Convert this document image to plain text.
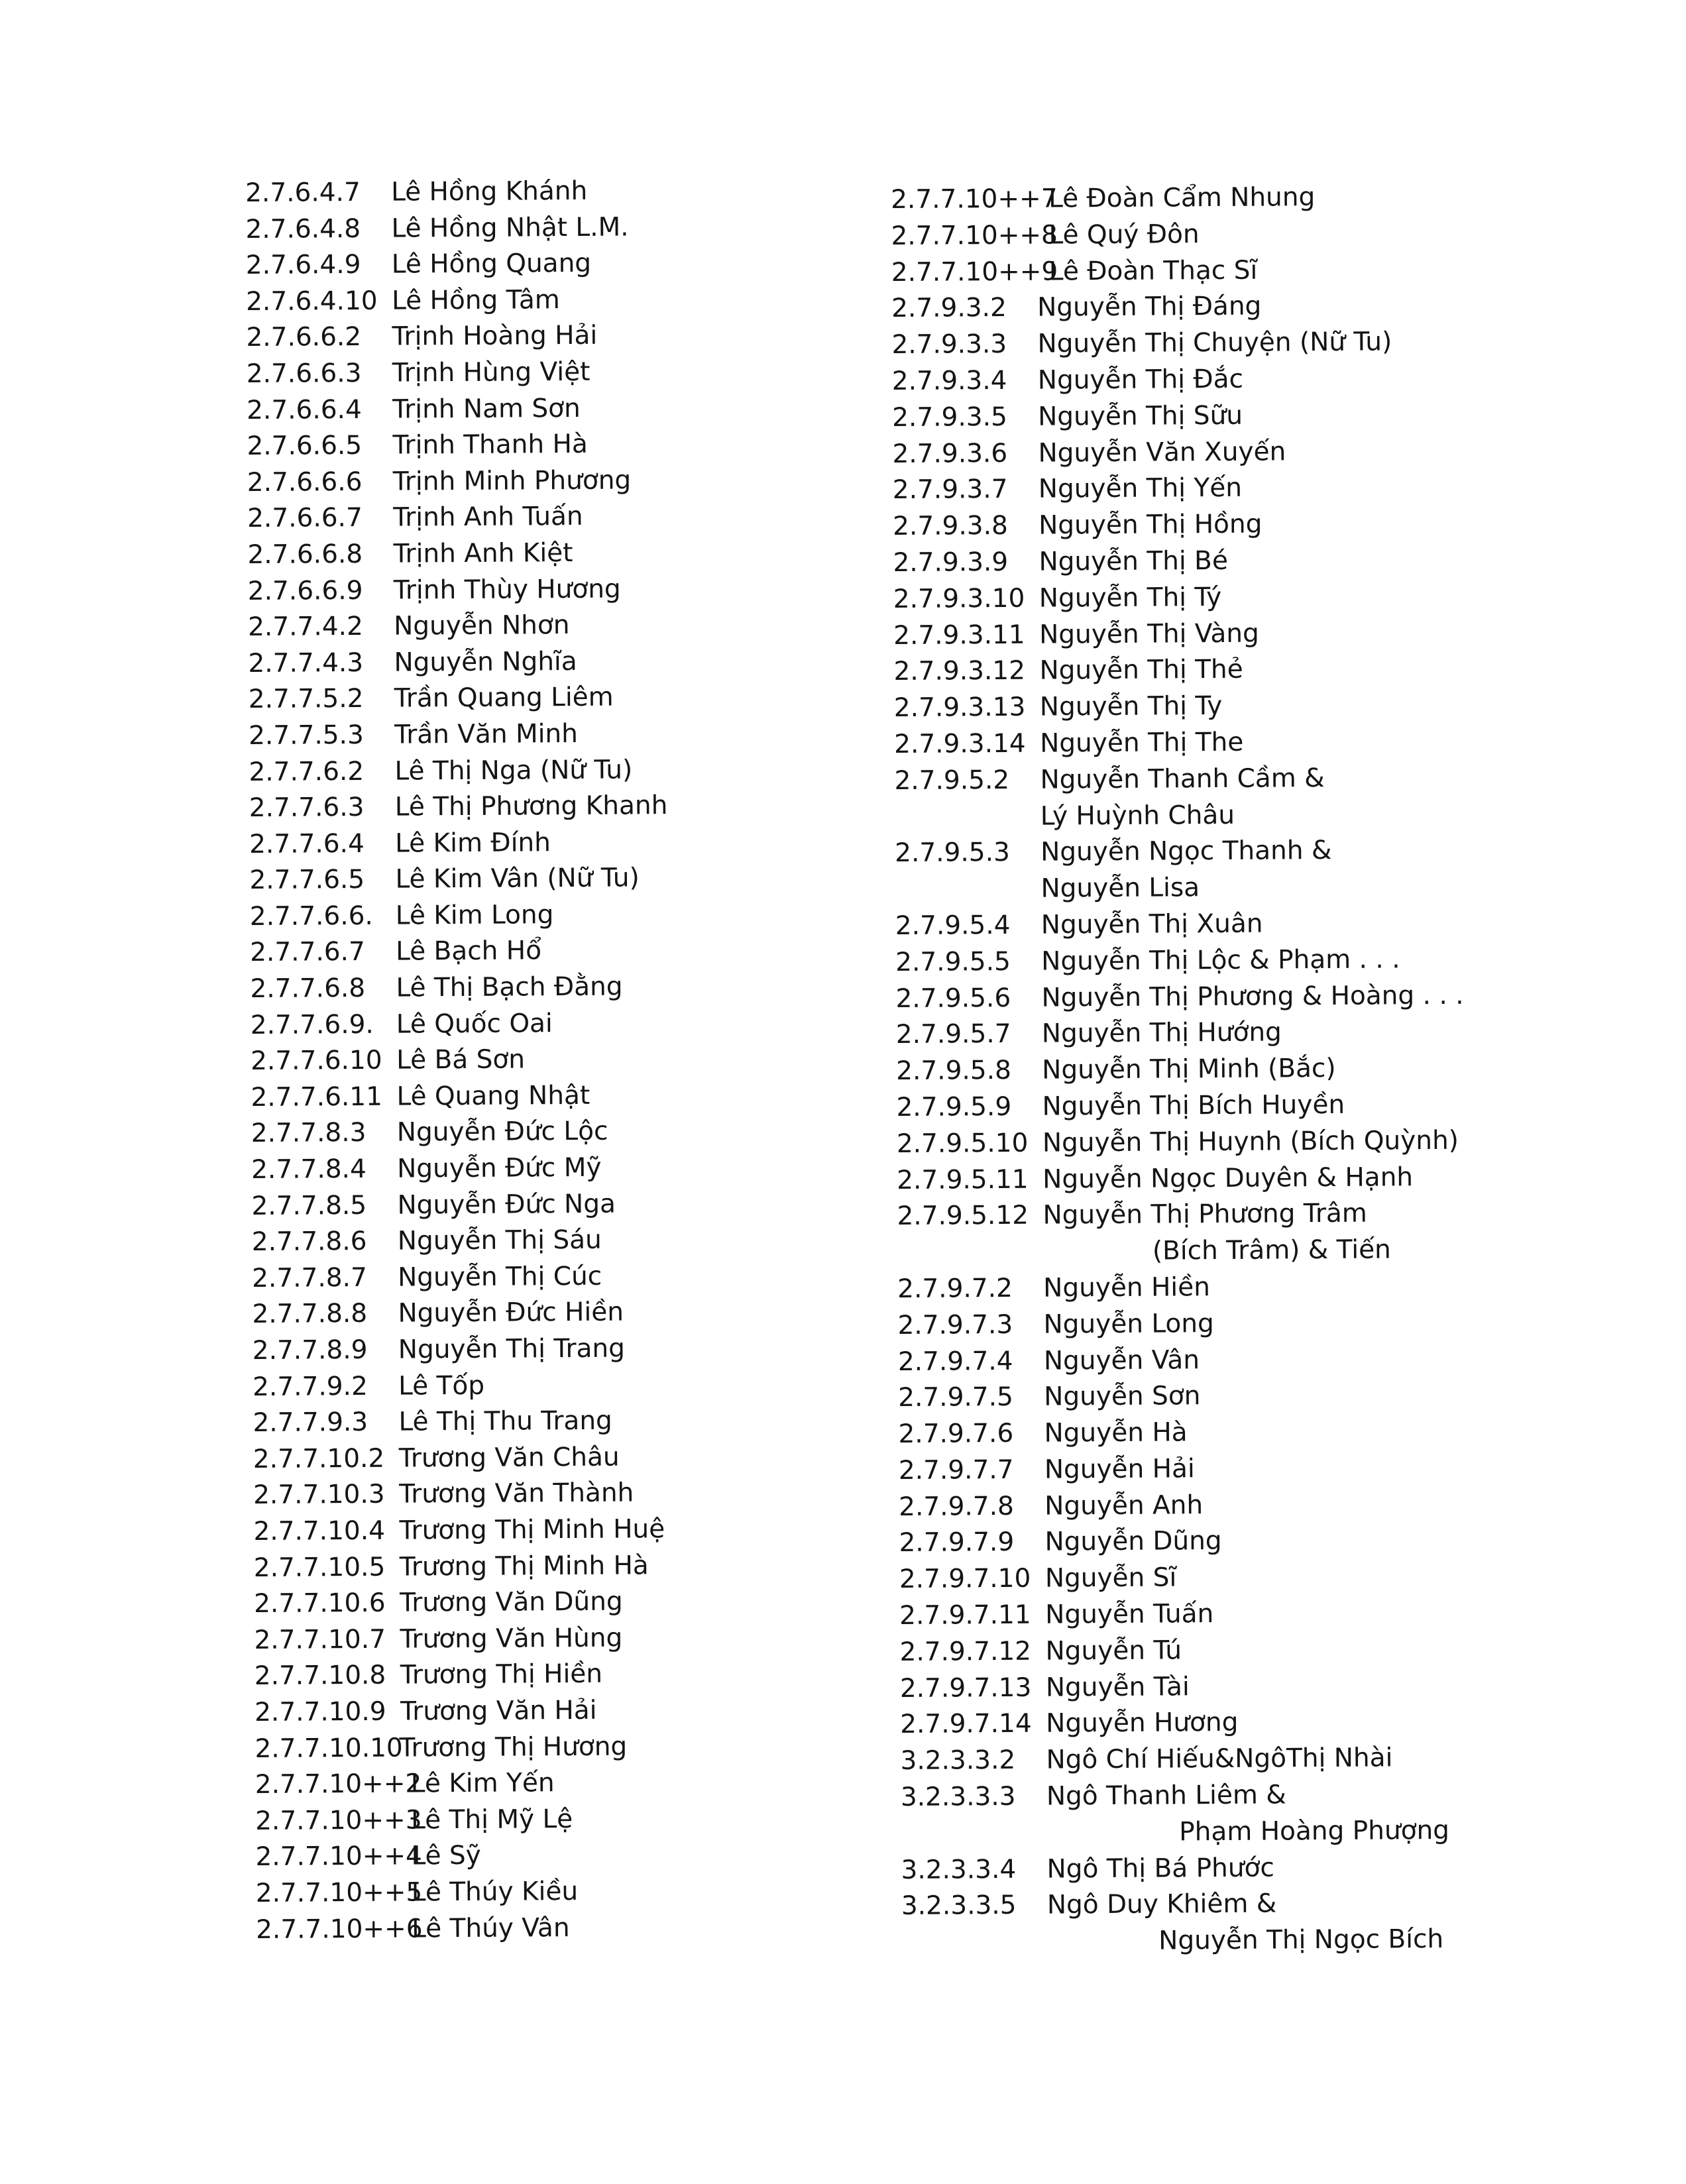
2.7.6.4.7 Lê Hồng Khánh
2.7.6.4.8 Lê Hồng Nhật L.M.
2.7.6.4.9 Lê Hồng Quang
2.7.6.4.10 Lê Hồng Tâm
2.7.6.6.2 Trịnh Hoàng Hải
2.7.6.6.3 Trịnh Hùng Việt
2.7.6.6.4 Trịnh Nam Sơn
2.7.6.6.5 Trịnh Thanh Hà
2.7.6.6.6 Trịnh Minh Phương
2.7.6.6.7 Trịnh Anh Tuấn
2.7.6.6.8 Trịnh Anh Kiệt
2.7.6.6.9 Trịnh Thùy Hương
2.7.7.4.2 Nguyễn Nhơn
2.7.7.4.3 Nguyễn Nghĩa
2.7.7.5.2 Trần Quang Liêm
2.7.7.5.3 Trần Văn Minh
2.7.7.6.2 Lê Thị Nga (Nữ Tu)
2.7.7.6.3 Lê Thị Phương Khanh
2.7.7.6.4 Lê Kim Đính
2.7.7.6.5 Lê Kim Vân (Nữ Tu)
2.7.7.6.6. Lê Kim Long
2.7.7.6.7 Lê Bạch Hổ
2.7.7.6.8 Lê Thị Bạch Đằng
2.7.7.6.9. Lê Quốc Oai
2.7.7.6.10 Lê Bá Sơn
2.7.7.6.11 Lê Quang Nhật
2.7.7.8.3 Nguyễn Đức Lộc
2.7.7.8.4 Nguyễn Đức Mỹ
2.7.7.8.5 Nguyễn Đức Nga
2.7.7.8.6 Nguyễn Thị Sáu
2.7.7.8.7 Nguyễn Thị Cúc
2.7.7.8.8 Nguyễn Đức Hiền
2.7.7.8.9 Nguyễn Thị Trang
2.7.7.9.2 Lê Tốp
2.7.7.9.3 Lê Thị Thu Trang
2.7.7.10.2 Trương Văn Châu
2.7.7.10.3 Trương Văn Thành
2.7.7.10.4 Trương Thị Minh Huệ
2.7.7.10.5 Trương Thị Minh Hà
2.7.7.10.6 Trương Văn Dũng
2.7.7.10.7 Trương Văn Hùng
2.7.7.10.8 Trương Thị Hiền
2.7.7.10.9 Trương Văn Hải
2.7.7.10.10
Trương Thị Hương
2.7.7.10++2
Lê Kim Yến
2.7.7.10++3
Lê Thị Mỹ Lệ
2.7.7.10++4
Lê Sỹ
2.7.7.10++5
Lê Thúy Kiều
2.7.7.10++6
Lê Thúy Vân
2.7.7.10++7
Lê Đoàn Cẩm Nhung
2.7.7.10++8
Lê Quý Đôn
2.7.7.10++9
Lê Đoàn Thạc Sĩ
2.7.9.3.2 Nguyễn Thị Đáng
2.7.9.3.3 Nguyễn Thị Chuyện (Nữ Tu)
2.7.9.3.4 Nguyễn Thị Đắc
2.7.9.3.5 Nguyễn Thị Sữu
2.7.9.3.6 Nguyễn Văn Xuyến
2.7.9.3.7 Nguyễn Thị Yến
2.7.9.3.8 Nguyễn Thị Hồng
2.7.9.3.9 Nguyễn Thị Bé
2.7.9.3.10 Nguyễn Thị Tý
2.7.9.3.11 Nguyễn Thị Vàng
2.7.9.3.12 Nguyễn Thị Thẻ
2.7.9.3.13 Nguyễn Thị Ty
2.7.9.3.14 Nguyễn Thị The
2.7.9.5.2 Nguyễn Thanh Cầm &
Lý Huỳnh Châu
2.7.9.5.3 Nguyễn Ngọc Thanh &
Nguyễn Lisa
2.7.9.5.4 Nguyễn Thị Xuân
2.7.9.5.5 Nguyễn Thị Lộc & Phạm . . .
2.7.9.5.6 Nguyễn Thị Phương & Hoàng . . .
2.7.9.5.7 Nguyễn Thị Hướng
2.7.9.5.8 Nguyễn Thị Minh (Bắc)
2.7.9.5.9 Nguyễn Thị Bích Huyền
2.7.9.5.10 Nguyễn Thị Huynh (Bích Quỳnh)
2.7.9.5.11 Nguyễn Ngọc Duyên & Hạnh
2.7.9.5.12 Nguyễn Thị Phương Trâm
(Bích Trâm) & Tiến
2.7.9.7.2 Nguyễn Hiền
2.7.9.7.3 Nguyễn Long
2.7.9.7.4 Nguyễn Vân
2.7.9.7.5 Nguyễn Sơn
2.7.9.7.6 Nguyễn Hà
2.7.9.7.7 Nguyễn Hải
2.7.9.7.8 Nguyễn Anh
2.7.9.7.9 Nguyễn Dũng
2.7.9.7.10 Nguyễn Sĩ
2.7.9.7.11 Nguyễn Tuấn
2.7.9.7.12 Nguyễn Tú
2.7.9.7.13 Nguyễn Tài
2.7.9.7.14 Nguyễn Hương
3.2.3.3.2 Ngô Chí Hiếu&NgôThị Nhài
3.2.3.3.3 Ngô Thanh Liêm &
Phạm Hoàng Phượng
3.2.3.3.4 Ngô Thị Bá Phước
3.2.3.3.5 Ngô Duy Khiêm &
Nguyễn Thị Ngọc Bích
